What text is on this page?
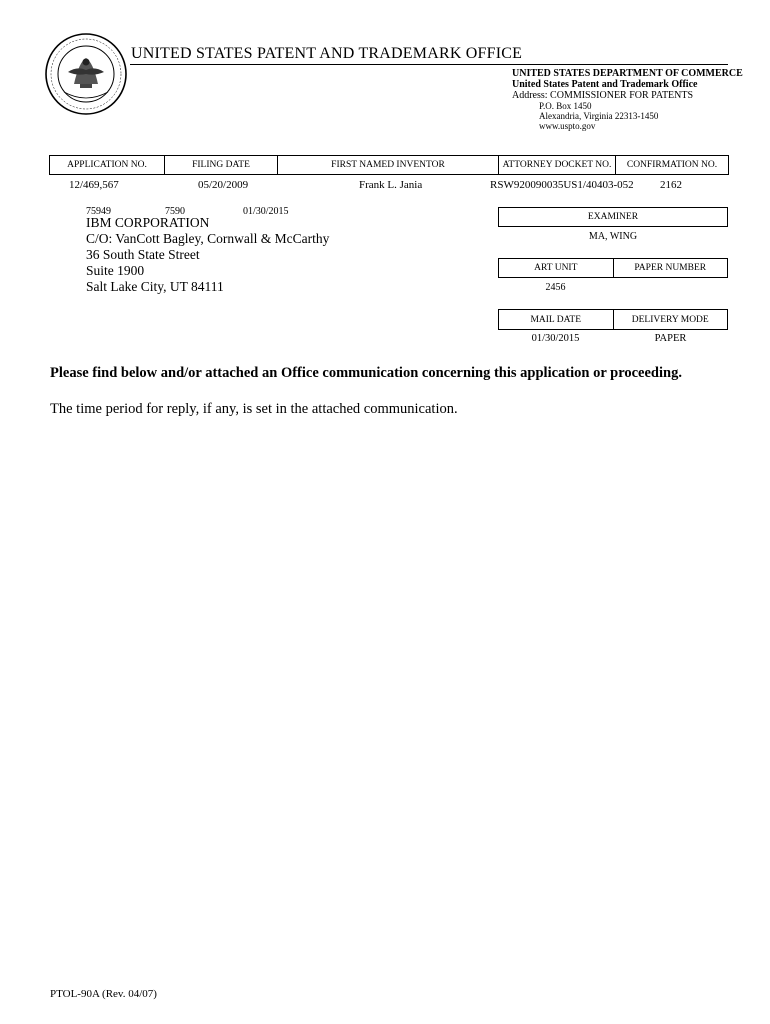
UNITED STATES PATENT AND TRADEMARK OFFICE
UNITED STATES DEPARTMENT OF COMMERCE
United States Patent and Trademark Office
Address: COMMISSIONER FOR PATENTS
P.O. Box 1450
Alexandria, Virginia 22313-1450
www.uspto.gov
APPLICATION NO.	FILING DATE	FIRST NAMED INVENTOR	ATTORNEY DOCKET NO.	CONFIRMATION NO.
12/469,567	05/20/2009	Frank L. Jania	RSW920090035US1/40403-052 2162
75949	7590	01/30/2015
IBM CORPORATION
C/O: VanCott Bagley, Cornwall & McCarthy
36 South State Street
Suite 1900
Salt Lake City, UT 84111
EXAMINER
MA, WING
ART UNIT	PAPER NUMBER
2456
MAIL DATE	DELIVERY MODE
01/30/2015	PAPER
Please find below and/or attached an Office communication concerning this application or proceeding.
The time period for reply, if any, is set in the attached communication.
PTOL-90A (Rev. 04/07)
